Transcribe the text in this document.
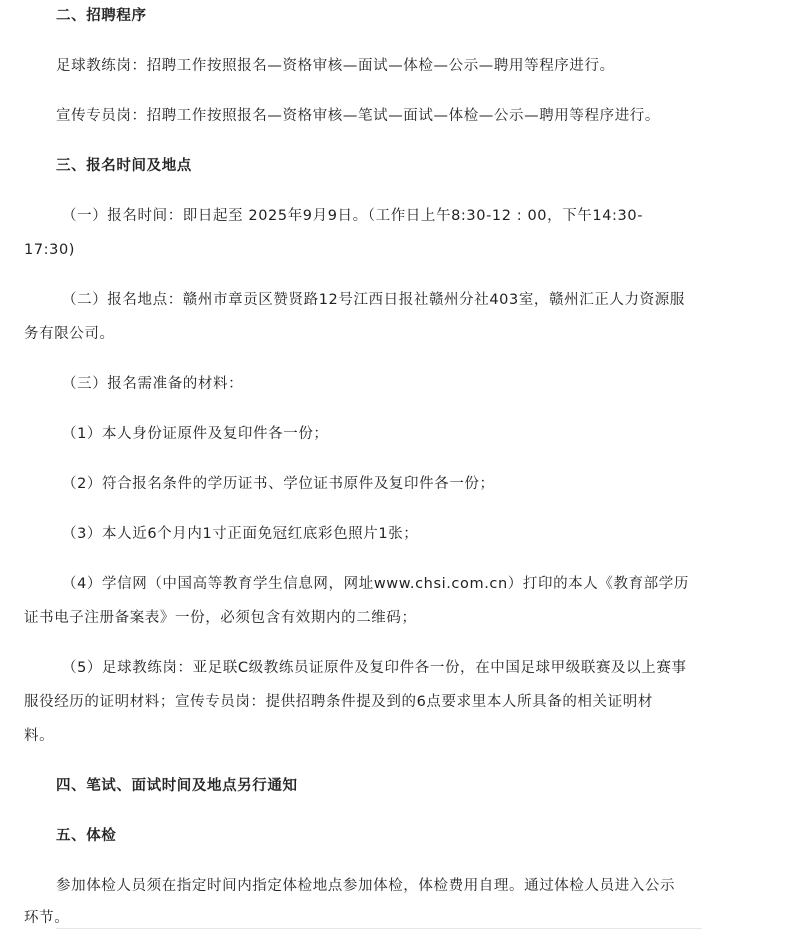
二、招聘程序
足球教练岗：招聘工作按照报名—资格审核—面试—体检—公示—聘用等程序进行。
宣传专员岗：招聘工作按照报名—资格审核—笔试—面试—体检—公示—聘用等程序进行。
三、报名时间及地点
（一）报名时间：即日起至 2025年9月9日。（工作日上午8:30-12 : 00，下午14:30-
17:30)
（二）报名地点：赣州市章贡区赞贤路12号江西日报社赣州分社403室，赣州汇正人力资源服
务有限公司。
（三）报名需准备的材料：
（1）本人身份证原件及复印件各一份；
（2）符合报名条件的学历证书、学位证书原件及复印件各一份；
（3）本人近6个月内1寸正面免冠红底彩色照片1张；
（4）学信网（中国高等教育学生信息网，网址www.chsi.com.cn）打印的本人《教育部学历
证书电子注册备案表》一份，必须包含有效期内的二维码；
（5）足球教练岗：亚足联C级教练员证原件及复印件各一份，在中国足球甲级联赛及以上赛事
服役经历的证明材料；宣传专员岗：提供招聘条件提及到的6点要求里本人所具备的相关证明材
料。
四、笔试、面试时间及地点另行通知
五、体检
参加体检人员须在指定时间内指定体检地点参加体检，体检费用自理。通过体检人员进入公示
环节。
